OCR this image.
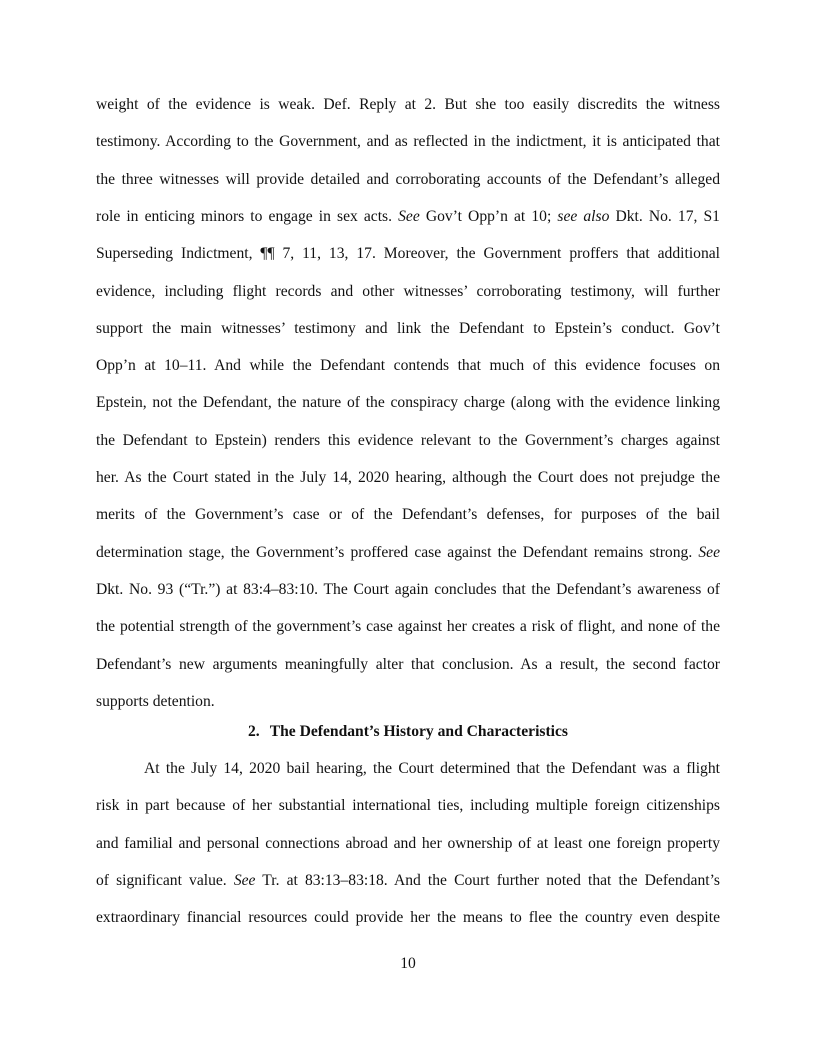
weight of the evidence is weak. Def. Reply at 2. But she too easily discredits the witness
testimony. According to the Government, and as reflected in the indictment, it is anticipated that
the three witnesses will provide detailed and corroborating accounts of the Defendant’s alleged
role in enticing minors to engage in sex acts. See Gov’t Opp’n at 10; see also Dkt. No. 17, S1
Superseding Indictment, ¶¶ 7, 11, 13, 17. Moreover, the Government proffers that additional
evidence, including flight records and other witnesses’ corroborating testimony, will further
support the main witnesses’ testimony and link the Defendant to Epstein’s conduct. Gov’t
Opp’n at 10–11. And while the Defendant contends that much of this evidence focuses on
Epstein, not the Defendant, the nature of the conspiracy charge (along with the evidence linking
the Defendant to Epstein) renders this evidence relevant to the Government’s charges against
her. As the Court stated in the July 14, 2020 hearing, although the Court does not prejudge the
merits of the Government’s case or of the Defendant’s defenses, for purposes of the bail
determination stage, the Government’s proffered case against the Defendant remains strong. See
Dkt. No. 93 (“Tr.”) at 83:4–83:10. The Court again concludes that the Defendant’s awareness of
the potential strength of the government’s case against her creates a risk of flight, and none of the
Defendant’s new arguments meaningfully alter that conclusion. As a result, the second factor
supports detention.
2. The Defendant’s History and Characteristics
At the July 14, 2020 bail hearing, the Court determined that the Defendant was a flight
risk in part because of her substantial international ties, including multiple foreign citizenships
and familial and personal connections abroad and her ownership of at least one foreign property
of significant value. See Tr. at 83:13–83:18. And the Court further noted that the Defendant’s
extraordinary financial resources could provide her the means to flee the country even despite
10
